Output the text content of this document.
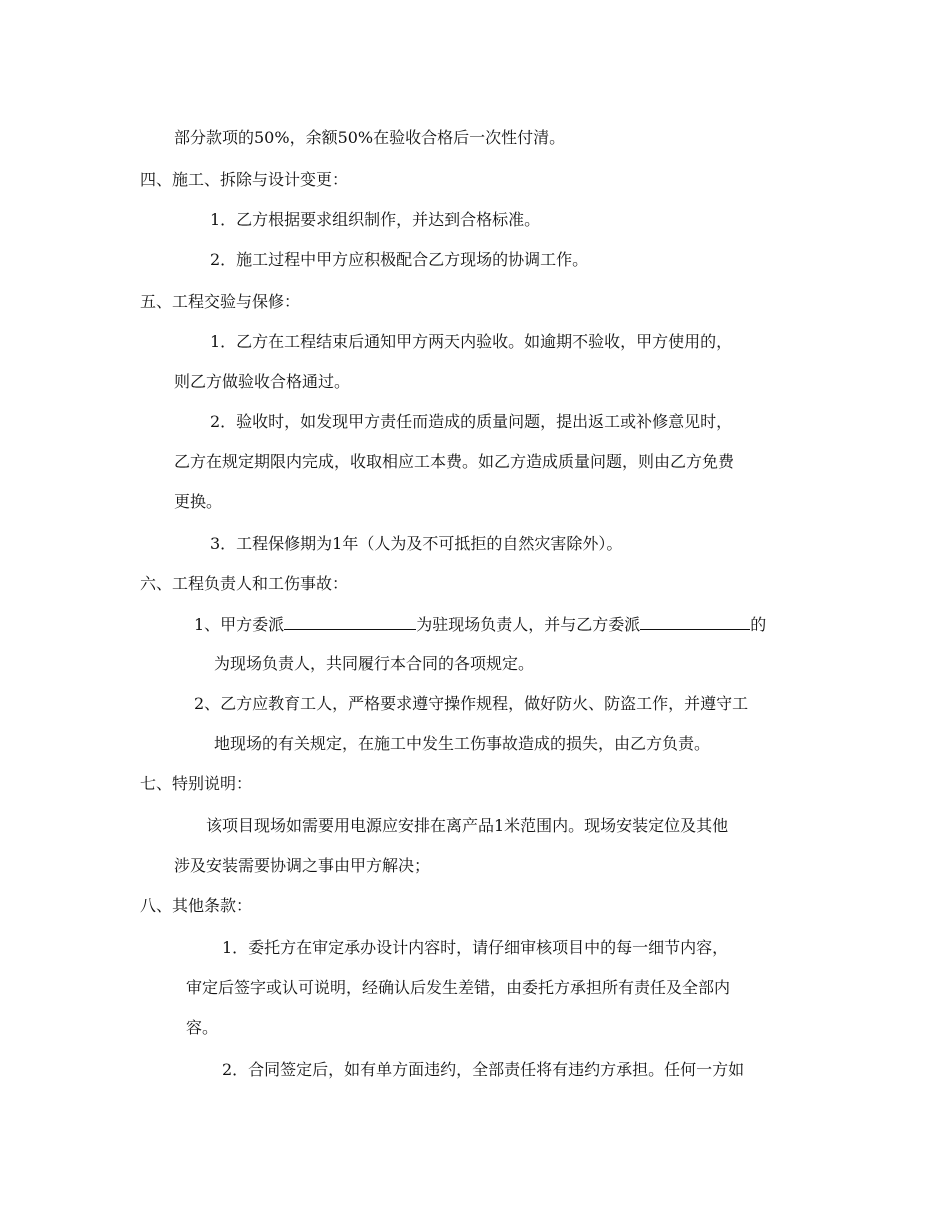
部分款项的50%，余额50%在验收合格后一次性付清。
四、施工、拆除与设计变更：
1．乙方根据要求组织制作，并达到合格标准。
2．施工过程中甲方应积极配合乙方现场的协调工作。
五、工程交验与保修：
1．乙方在工程结束后通知甲方两天内验收。如逾期不验收，甲方使用的，
则乙方做验收合格通过。
2．验收时，如发现甲方责任而造成的质量问题，提出返工或补修意见时，
乙方在规定期限内完成，收取相应工本费。如乙方造成质量问题，则由乙方免费
更换。
3．工程保修期为1年（人为及不可抵拒的自然灾害除外）。
六、工程负责人和工伤事故：
1、甲方委派	为驻现场负责人，并与乙方委派	的
为现场负责人，共同履行本合同的各项规定。
2、乙方应教育工人，严格要求遵守操作规程，做好防火、防盗工作，并遵守工
地现场的有关规定，在施工中发生工伤事故造成的损失，由乙方负责。
七、特别说明：
该项目现场如需要用电源应安排在离产品1米范围内。现场安装定位及其他
涉及安装需要协调之事由甲方解决；
八、其他条款：
1．委托方在审定承办设计内容时，请仔细审核项目中的每一细节内容，
审定后签字或认可说明，经确认后发生差错，由委托方承担所有责任及全部内
容。
2．合同签定后，如有单方面违约，全部责任将有违约方承担。任何一方如
